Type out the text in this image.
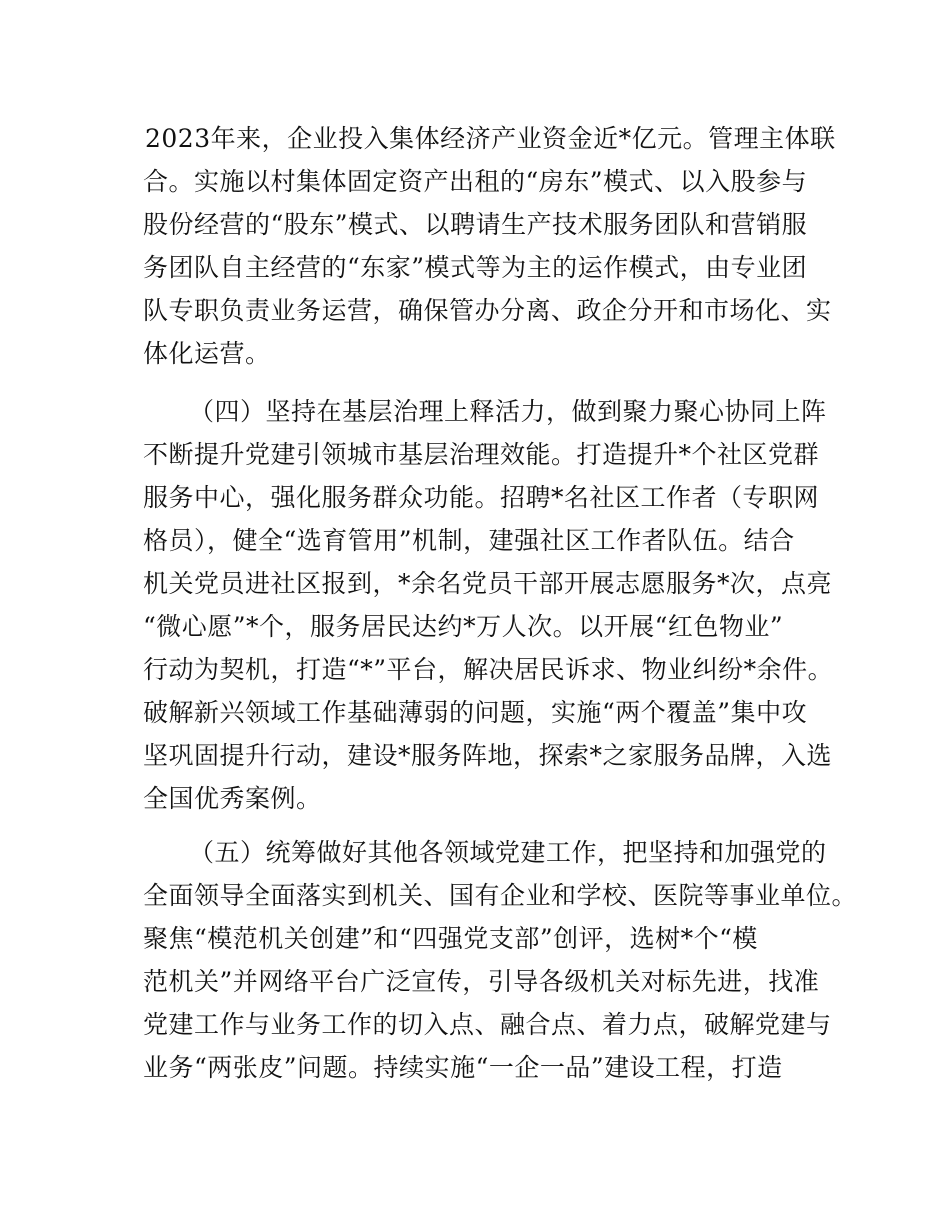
2023年来，企业投入集体经济产业资金近*亿元。管理主体联
合。实施以村集体固定资产出租的“房东”模式、以入股参与
股份经营的“股东”模式、以聘请生产技术服务团队和营销服
务团队自主经营的“东家”模式等为主的运作模式，由专业团
队专职负责业务运营，确保管办分离、政企分开和市场化、实
体化运营。
（四）坚持在基层治理上释活力，做到聚力聚心协同上阵
不断提升党建引领城市基层治理效能。打造提升*个社区党群
服务中心，强化服务群众功能。招聘*名社区工作者（专职网
格员），健全“选育管用”机制，建强社区工作者队伍。结合
机关党员进社区报到，*余名党员干部开展志愿服务*次，点亮
“微心愿”*个，服务居民达约*万人次。以开展“红色物业”
行动为契机，打造“*”平台，解决居民诉求、物业纠纷*余件。
破解新兴领域工作基础薄弱的问题，实施“两个覆盖”集中攻
坚巩固提升行动，建设*服务阵地，探索*之家服务品牌，入选
全国优秀案例。
（五）统筹做好其他各领域党建工作，把坚持和加强党的
全面领导全面落实到机关、国有企业和学校、医院等事业单位。
聚焦“模范机关创建”和“四强党支部”创评，选树*个“模
范机关”并网络平台广泛宣传，引导各级机关对标先进，找准
党建工作与业务工作的切入点、融合点、着力点，破解党建与
业务“两张皮”问题。持续实施“一企一品”建设工程，打造
